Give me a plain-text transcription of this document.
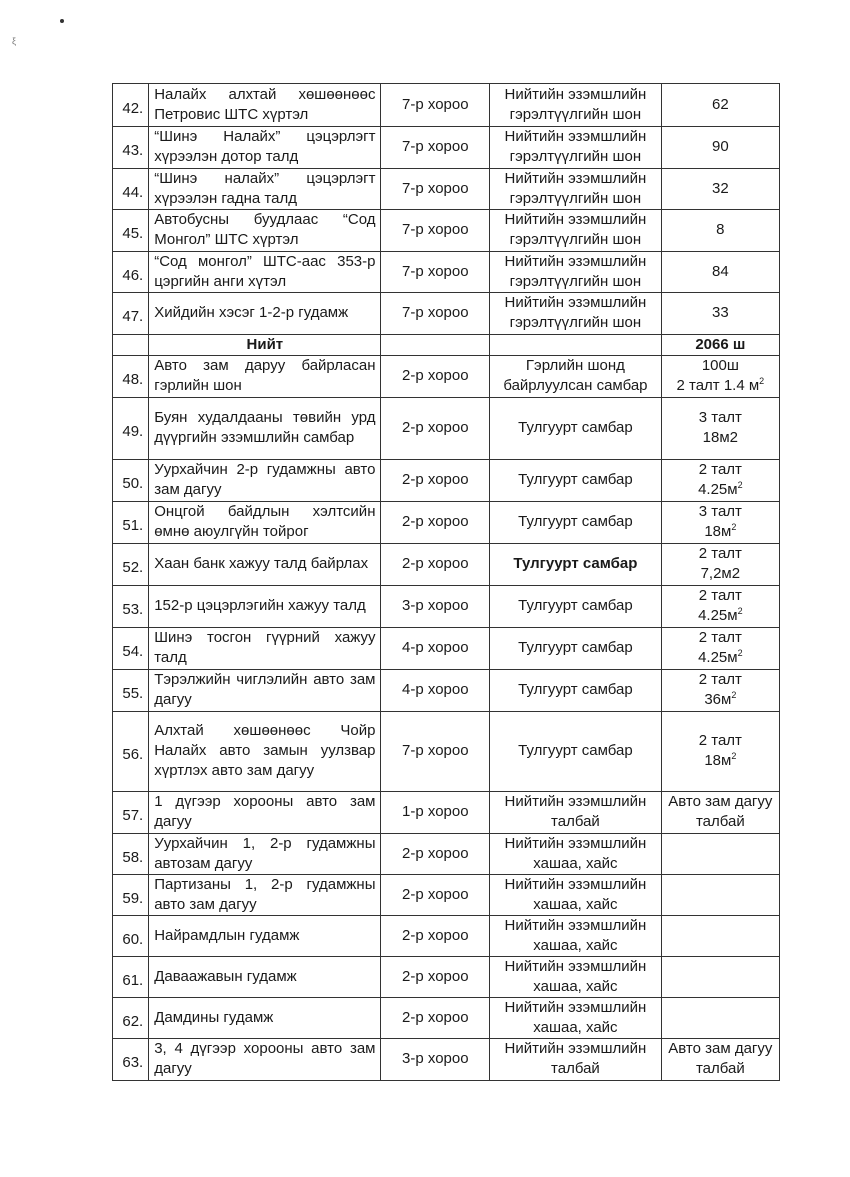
ξ
42.	Налайх алхтай хөшөөнөөс Петровис ШТС хүртэл	7-р хороо	Нийтийн эзэмшлийн гэрэлтүүлгийн шон	62

43.	“Шинэ Налайх” цэцэрлэгт хүрээлэн дотор талд	7-р хороо	Нийтийн эзэмшлийн гэрэлтүүлгийн шон	90

44.	“Шинэ налайх” цэцэрлэгт хүрээлэн гадна талд	7-р хороо	Нийтийн эзэмшлийн гэрэлтүүлгийн шон	32

45.	Автобусны буудлаас “Сод Монгол” ШТС хүртэл	7-р хороо	Нийтийн эзэмшлийн гэрэлтүүлгийн шон	8

46.	“Сод монгол” ШТС-аас 353-р цэргийн анги хүтэл	7-р хороо	Нийтийн эзэмшлийн гэрэлтүүлгийн шон	84

47.	Хийдийн хэсэг 1-2-р гудамж	7-р хороо	Нийтийн эзэмшлийн гэрэлтүүлгийн шон	33
	Нийт			2066 ш

48.	Авто зам даруу байрласан гэрлийн шон	2-р хороо	Гэрлийн шонд байрлуулсан самбар	100ш
2 талт 1.4 $м^2$

49.	Буян худалдааны төвийн урд дүүргийн эзэмшлийн самбар	2-р хороо	Тулгуурт самбар	3 талт
18м2

50.	Уурхайчин 2-р гудамжны авто зам дагуу	2-р хороо	Тулгуурт самбар	2 талт
$4.25м^2$

51.	Онцгой байдлын хэлтсийн өмнө аюулгүйн тойрог	2-р хороо	Тулгуурт самбар	3 талт
$18м^2$

52.	Хаан банк хажуу талд байрлах	2-р хороо	Тулгуурт самбар	2 талт
7,2м2

53.	152-р цэцэрлэгийн хажуу талд	3-р хороо	Тулгуурт самбар	2 талт
$4.25м^2$

54.	Шинэ тосгон гүүрний хажуу талд	4-р хороо	Тулгуурт самбар	2 талт
$4.25м^2$

55.	Тэрэлжийн чиглэлийн авто зам дагуу	4-р хороо	Тулгуурт самбар	2 талт
$36м^2$

56.	Алхтай хөшөөнөөс Чойр Налайх авто замын уулзвар хүртлэх авто зам дагуу	7-р хороо	Тулгуурт самбар	2 талт
$18м^2$

57.	1 дүгээр хорооны авто зам дагуу	1-р хороо	Нийтийн эзэмшлийн талбай	Авто зам дагуу талбай

58.	Уурхайчин 1, 2-р гудамжны автозам дагуу	2-р хороо	Нийтийн эзэмшлийн хашаа, хайс	

59.	Партизаны 1, 2-р гудамжны авто зам дагуу	2-р хороо	Нийтийн эзэмшлийн хашаа, хайс	

60.	Найрамдлын гудамж	2-р хороо	Нийтийн эзэмшлийн хашаа, хайс	

61.	Даваажавын гудамж	2-р хороо	Нийтийн эзэмшлийн хашаа, хайс	

62.	Дамдины гудамж	2-р хороо	Нийтийн эзэмшлийн хашаа, хайс	

63.	3, 4 дүгээр хорооны авто зам дагуу	3-р хороо	Нийтийн эзэмшлийн талбай	Авто зам дагуу талбай
